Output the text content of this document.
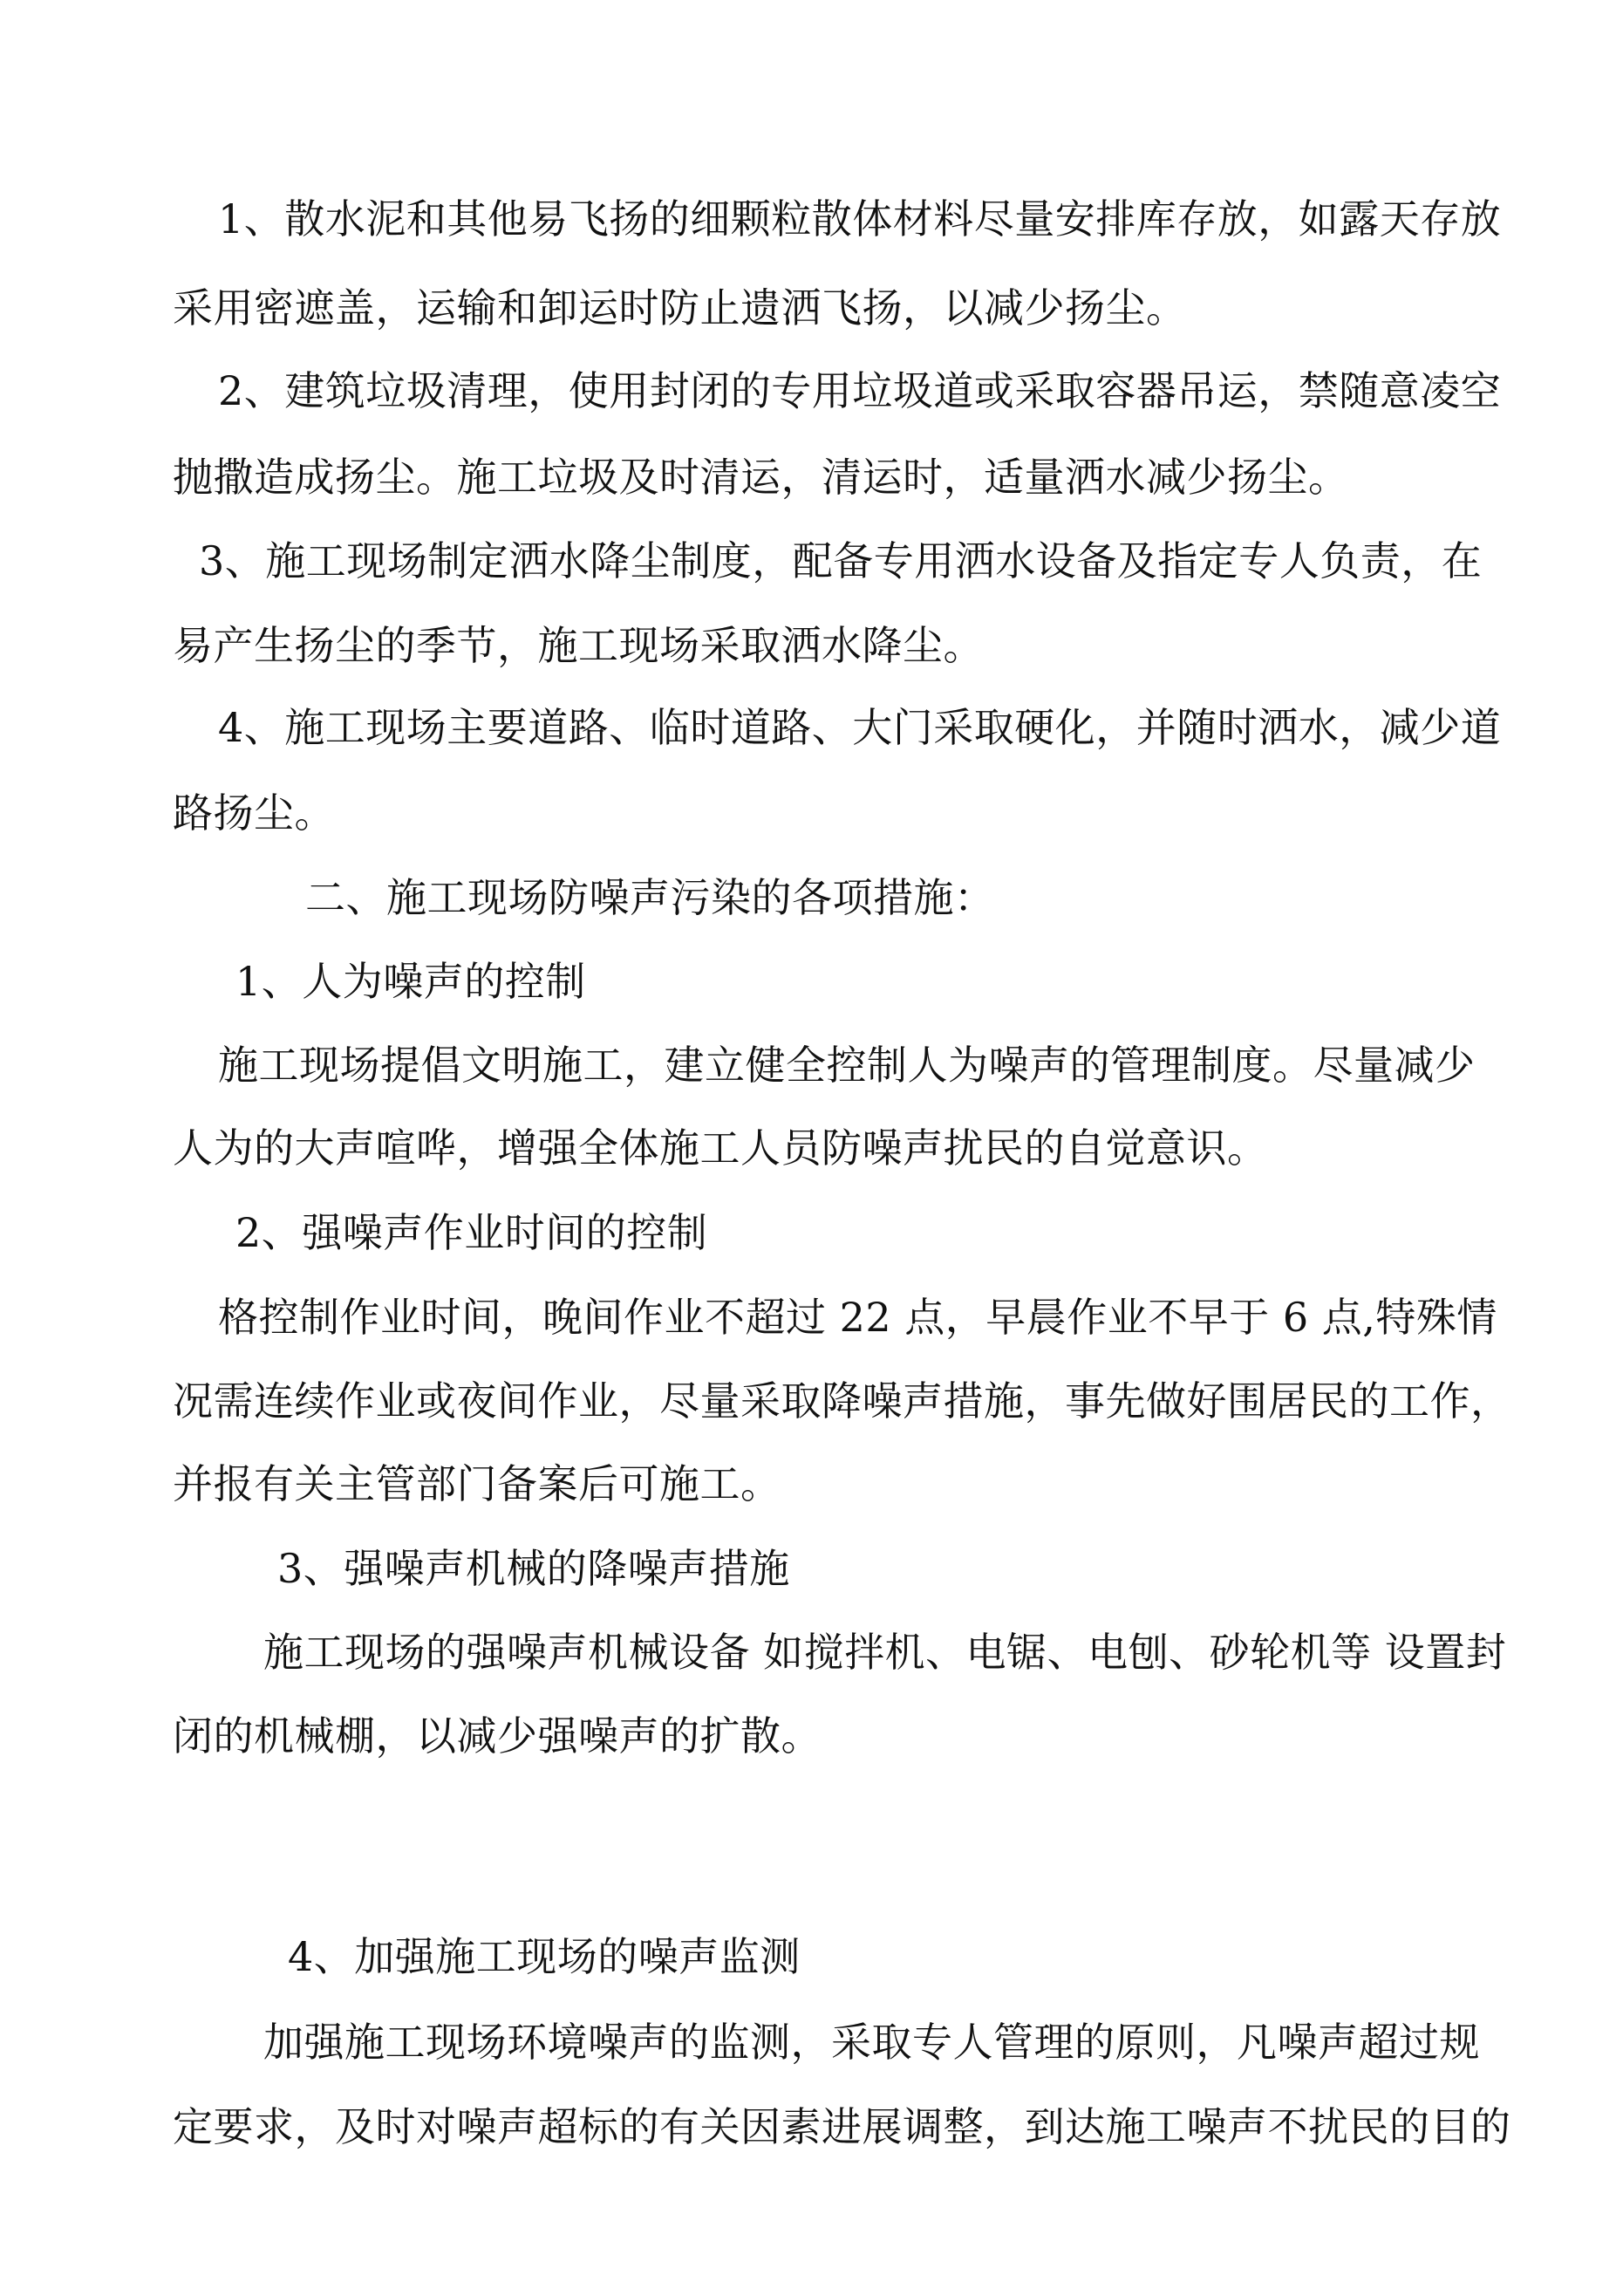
1、散水泥和其他易飞扬的细颗粒散体材料尽量安排库存放，如露天存放
采用密遮盖，运输和卸运时防止遗洒飞扬，以减少扬尘。
2、建筑垃圾清理，使用封闭的专用垃圾道或采取容器吊运，禁随意凌空
抛撒造成扬尘。施工垃圾及时清运，清运时，适量洒水减少扬尘。
3、施工现场制定洒水降尘制度，配备专用洒水设备及指定专人负责，在
易产生扬尘的季节，施工现场采取洒水降尘。
4、施工现场主要道路、临时道路、大门采取硬化，并随时洒水，减少道
路扬尘。
二、施工现场防噪声污染的各项措施：
1、人为噪声的控制
施工现场提倡文明施工，建立健全控制人为噪声的管理制度。尽量减少
人为的大声喧哗，增强全体施工人员防噪声扰民的自觉意识。
2、强噪声作业时间的控制
格控制作业时间，晚间作业不超过 22 点，早晨作业不早于 6 点,特殊情
况需连续作业或夜间作业，尽量采取降噪声措施，事先做好围居民的工作，
并报有关主管部门备案后可施工。
3、强噪声机械的降噪声措施
施工现场的强噪声机械设备 如搅拌机、电锯、电刨、砂轮机等 设置封
闭的机械棚，以减少强噪声的扩散。
4、加强施工现场的噪声监测
加强施工现场环境噪声的监测，采取专人管理的原则，凡噪声超过规
定要求，及时对噪声超标的有关因素进展调整，到达施工噪声不扰民的目的
